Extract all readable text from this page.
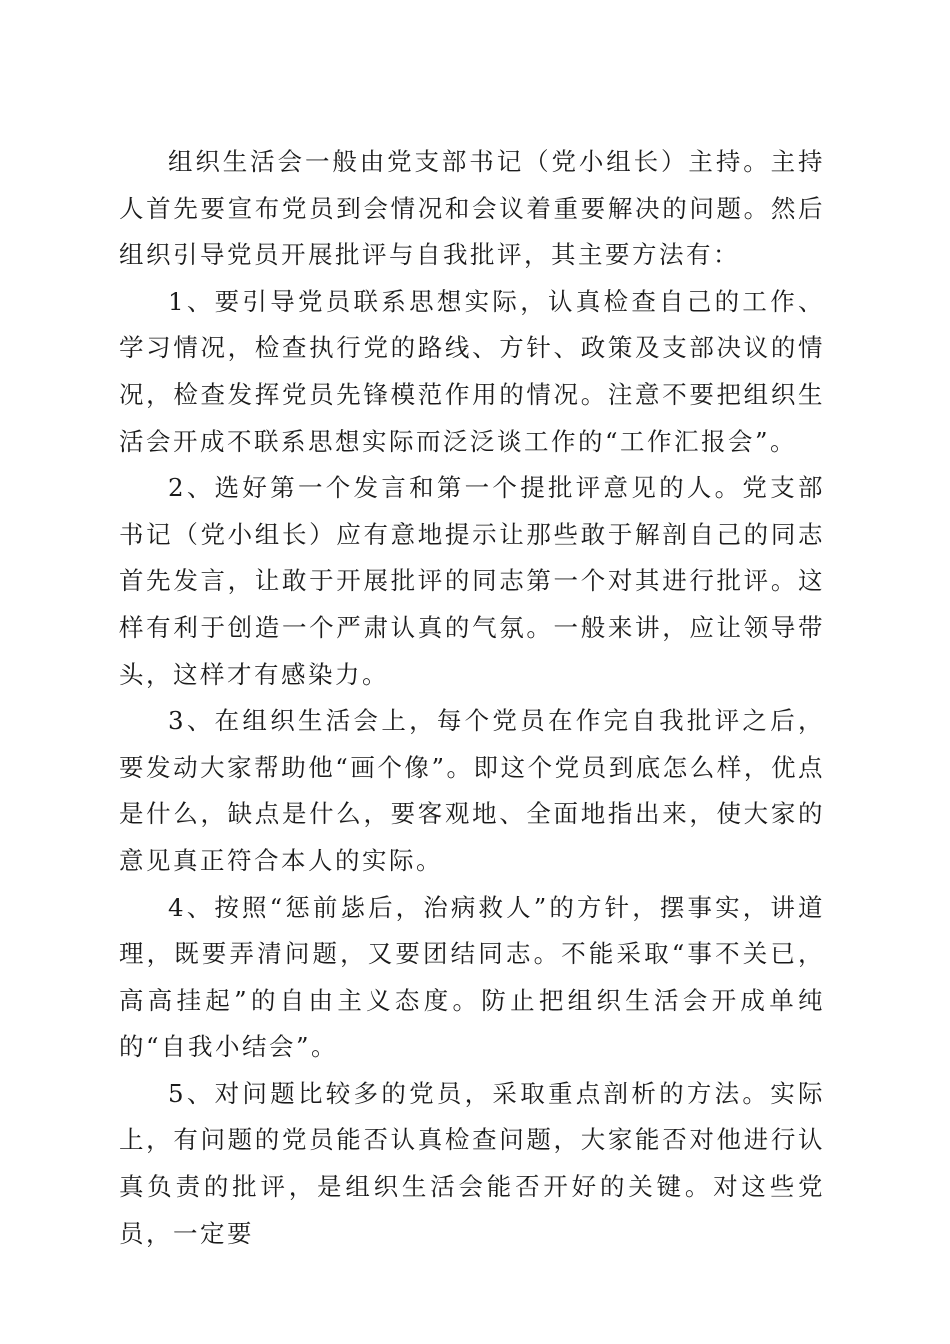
组织生活会一般由党支部书记（党小组长）主持。主持人首先要宣布党员到会情况和会议着重要解决的问题。然后组织引导党员开展批评与自我批评，其主要方法有：

1、要引导党员联系思想实际，认真检查自己的工作、学习情况，检查执行党的路线、方针、政策及支部决议的情况，检查发挥党员先锋模范作用的情况。注意不要把组织生活会开成不联系思想实际而泛泛谈工作的“工作汇报会”。

2、选好第一个发言和第一个提批评意见的人。党支部书记（党小组长）应有意地提示让那些敢于解剖自己的同志首先发言，让敢于开展批评的同志第一个对其进行批评。这样有利于创造一个严肃认真的气氛。一般来讲，应让领导带头，这样才有感染力。

3、在组织生活会上，每个党员在作完自我批评之后，要发动大家帮助他“画个像”。即这个党员到底怎么样，优点是什么，缺点是什么，要客观地、全面地指出来，使大家的意见真正符合本人的实际。

4、按照“惩前毖后，治病救人”的方针，摆事实，讲道理，既要弄清问题，又要团结同志。不能采取“事不关已，高高挂起”的自由主义态度。防止把组织生活会开成单纯的“自我小结会”。

5、对问题比较多的党员，采取重点剖析的方法。实际上，有问题的党员能否认真检查问题，大家能否对他进行认真负责的批评，是组织生活会能否开好的关键。对这些党员，一定要
